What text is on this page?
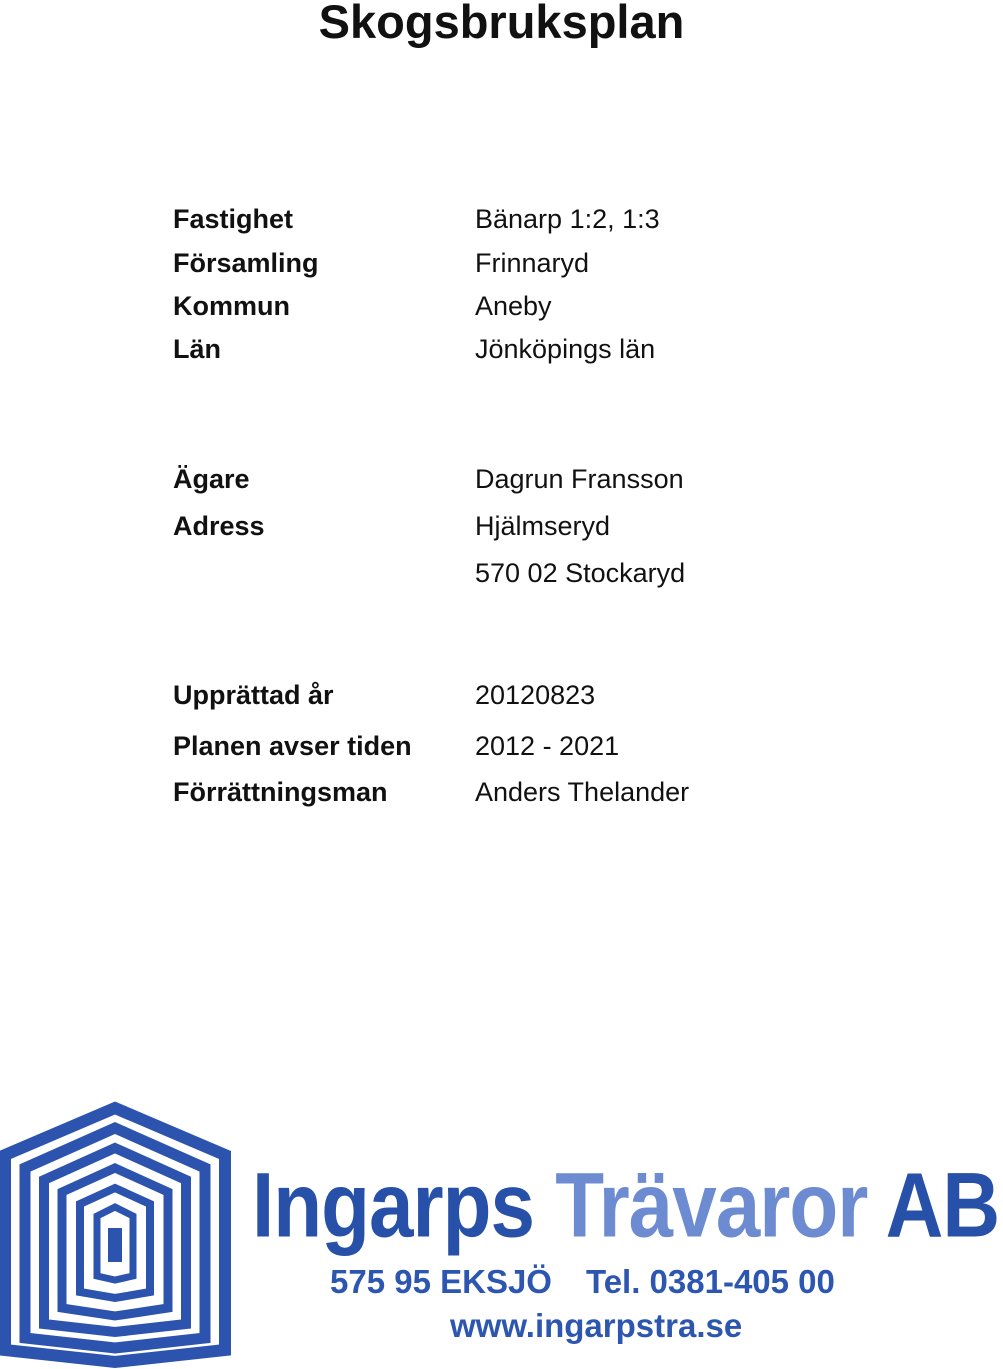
Skogsbruksplan
Fastighet	Bänarp 1:2, 1:3
Församling	Frinnaryd
Kommun	Aneby
Län	Jönköpings län
Ägare	Dagrun Fransson
Adress	Hjälmseryd
570 02 Stockaryd
Upprättad år	20120823
Planen avser tiden 2012 - 2021
Förrättningsman	Anders Thelander
Ingarps Trävaror AB
575 95 EKSJÖ Tel. 0381-405 00
www.ingarpstra.se
